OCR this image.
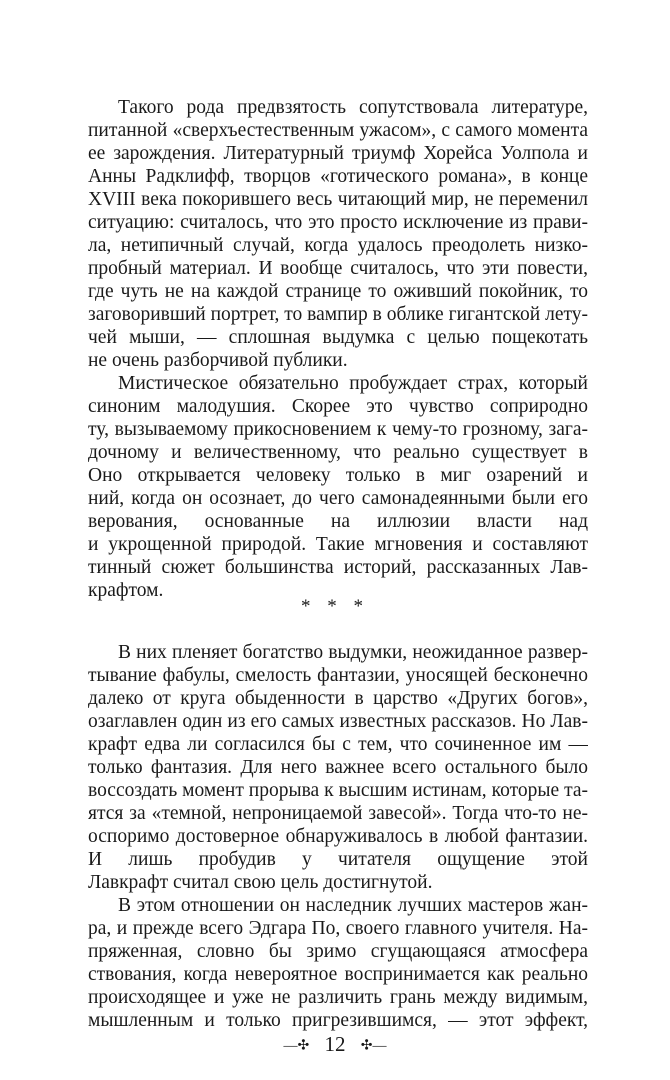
Такого рода предвзятость сопутствовала литературе,
питанной «сверхъестественным ужасом», с самого момента
ее зарождения. Литературный триумф Хорейса Уолпола и
Анны Радклифф, творцов «готического романа», в конце
XVIII века покорившего весь читающий мир, не переменил
ситуацию: считалось, что это просто исключение из прави-
ла, нетипичный случай, когда удалось преодолеть низко-
пробный материал. И вообще считалось, что эти повести,
где чуть не на каждой странице то оживший покойник, то
заговоривший портрет, то вампир в облике гигантской лету-
чей мыши, — сплошная выдумка с целью пощекотать
не очень разборчивой публики.
Мистическое обязательно пробуждает страх, который
синоним малодушия. Скорее это чувство соприродно
ту, вызываемому прикосновением к чему-то грозному, зага-
дочному и величественному, что реально существует в
Оно открывается человеку только в миг озарений и
ний, когда он осознает, до чего самонадеянными были его
верования, основанные на иллюзии власти над
и укрощенной природой. Такие мгновения и составляют
тинный сюжет большинства историй, рассказанных Лав-
крафтом.
* * *
В них пленяет богатство выдумки, неожиданное развер-
тывание фабулы, смелость фантазии, уносящей бесконечно
далеко от круга обыденности в царство «Других богов»,
озаглавлен один из его самых известных рассказов. Но Лав-
крафт едва ли согласился бы с тем, что сочиненное им —
только фантазия. Для него важнее всего остального было
воссоздать момент прорыва к высшим истинам, которые та-
ятся за «темной, непроницаемой завесой». Тогда что-то не-
оспоримо достоверное обнаруживалось в любой фантазии.
И лишь пробудив у читателя ощущение этой
Лавкрафт считал свою цель достигнутой.
В этом отношении он наследник лучших мастеров жан-
ра, и прежде всего Эдгара По, своего главного учителя. На-
пряженная, словно бы зримо сгущающаяся атмосфера
ствования, когда невероятное воспринимается как реально
происходящее и уже не различить грань между видимым,
мышленным и только пригрезившимся, — этот эффект,
—✣ 12 ✣—
